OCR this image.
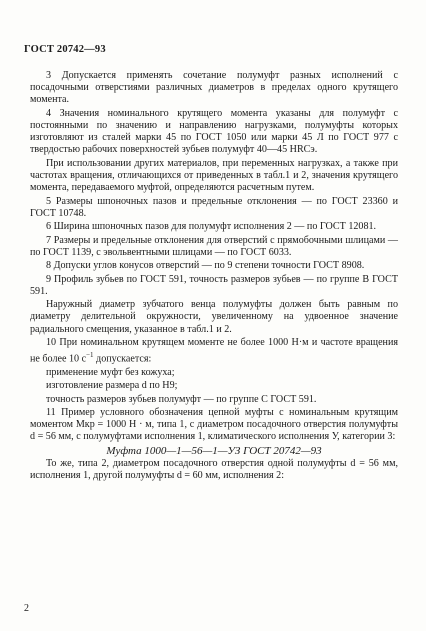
ГОСТ 20742—93

3 Допускается применять сочетание полумуфт разных исполнений с посадочными отверстиями различных диаметров в пределах одного крутящего момента.

4 Значения номинального крутящего момента указаны для полумуфт с постоянными по значению и направлению нагрузками, полумуфты которых изготовляют из сталей марки 45 по ГОСТ 1050 или марки 45 Л по ГОСТ 977 с твердостью рабочих поверхностей зубьев полумуфт 40—45 HRCэ.

При использовании других материалов, при переменных нагрузках, а также при частотах вращения, отличающихся от приведенных в табл.1 и 2, значения крутящего момента, передаваемого муфтой, определяются расчетным путем.

5 Размеры шпоночных пазов и предельные отклонения — по ГОСТ 23360 и ГОСТ 10748.

6 Ширина шпоночных пазов для полумуфт исполнения 2 — по ГОСТ 12081.

7 Размеры и предельные отклонения для отверстий с прямобочными шлицами — по ГОСТ 1139, с эвольвентными шлицами — по ГОСТ 6033.

8 Допуски углов конусов отверстий — по 9 степени точности ГОСТ 8908.

9 Профиль зубьев по ГОСТ 591, точность размеров зубьев — по группе В ГОСТ 591.

Наружный диаметр зубчатого венца полумуфты должен быть равным по диаметру делительной окружности, увеличенному на удвоенное значение радиального смещения, указанное в табл.1 и 2.

10 При номинальном крутящем моменте не более 1000 Н·м и частоте вращения не более 10 $с^{-1}$ допускается:

применение муфт без кожуха;

изготовление размера d по Н9;

точность размеров зубьев полумуфт — по группе С ГОСТ 591.

11 Пример условного обозначения цепной муфты с номинальным крутящим моментом Mкр = 1000 Н · м, типа 1, с диаметром посадочного отверстия полумуфты d = 56 мм, с полумуфтами исполнения 1, климатического исполнения У, категории 3:

Муфта 1000—1—56—1—УЗ ГОСТ 20742—93

То же, типа 2, диаметром посадочного отверстия одной полумуфты d = 56 мм, исполнения 1, другой полумуфты d = 60 мм, исполнения 2:

2
